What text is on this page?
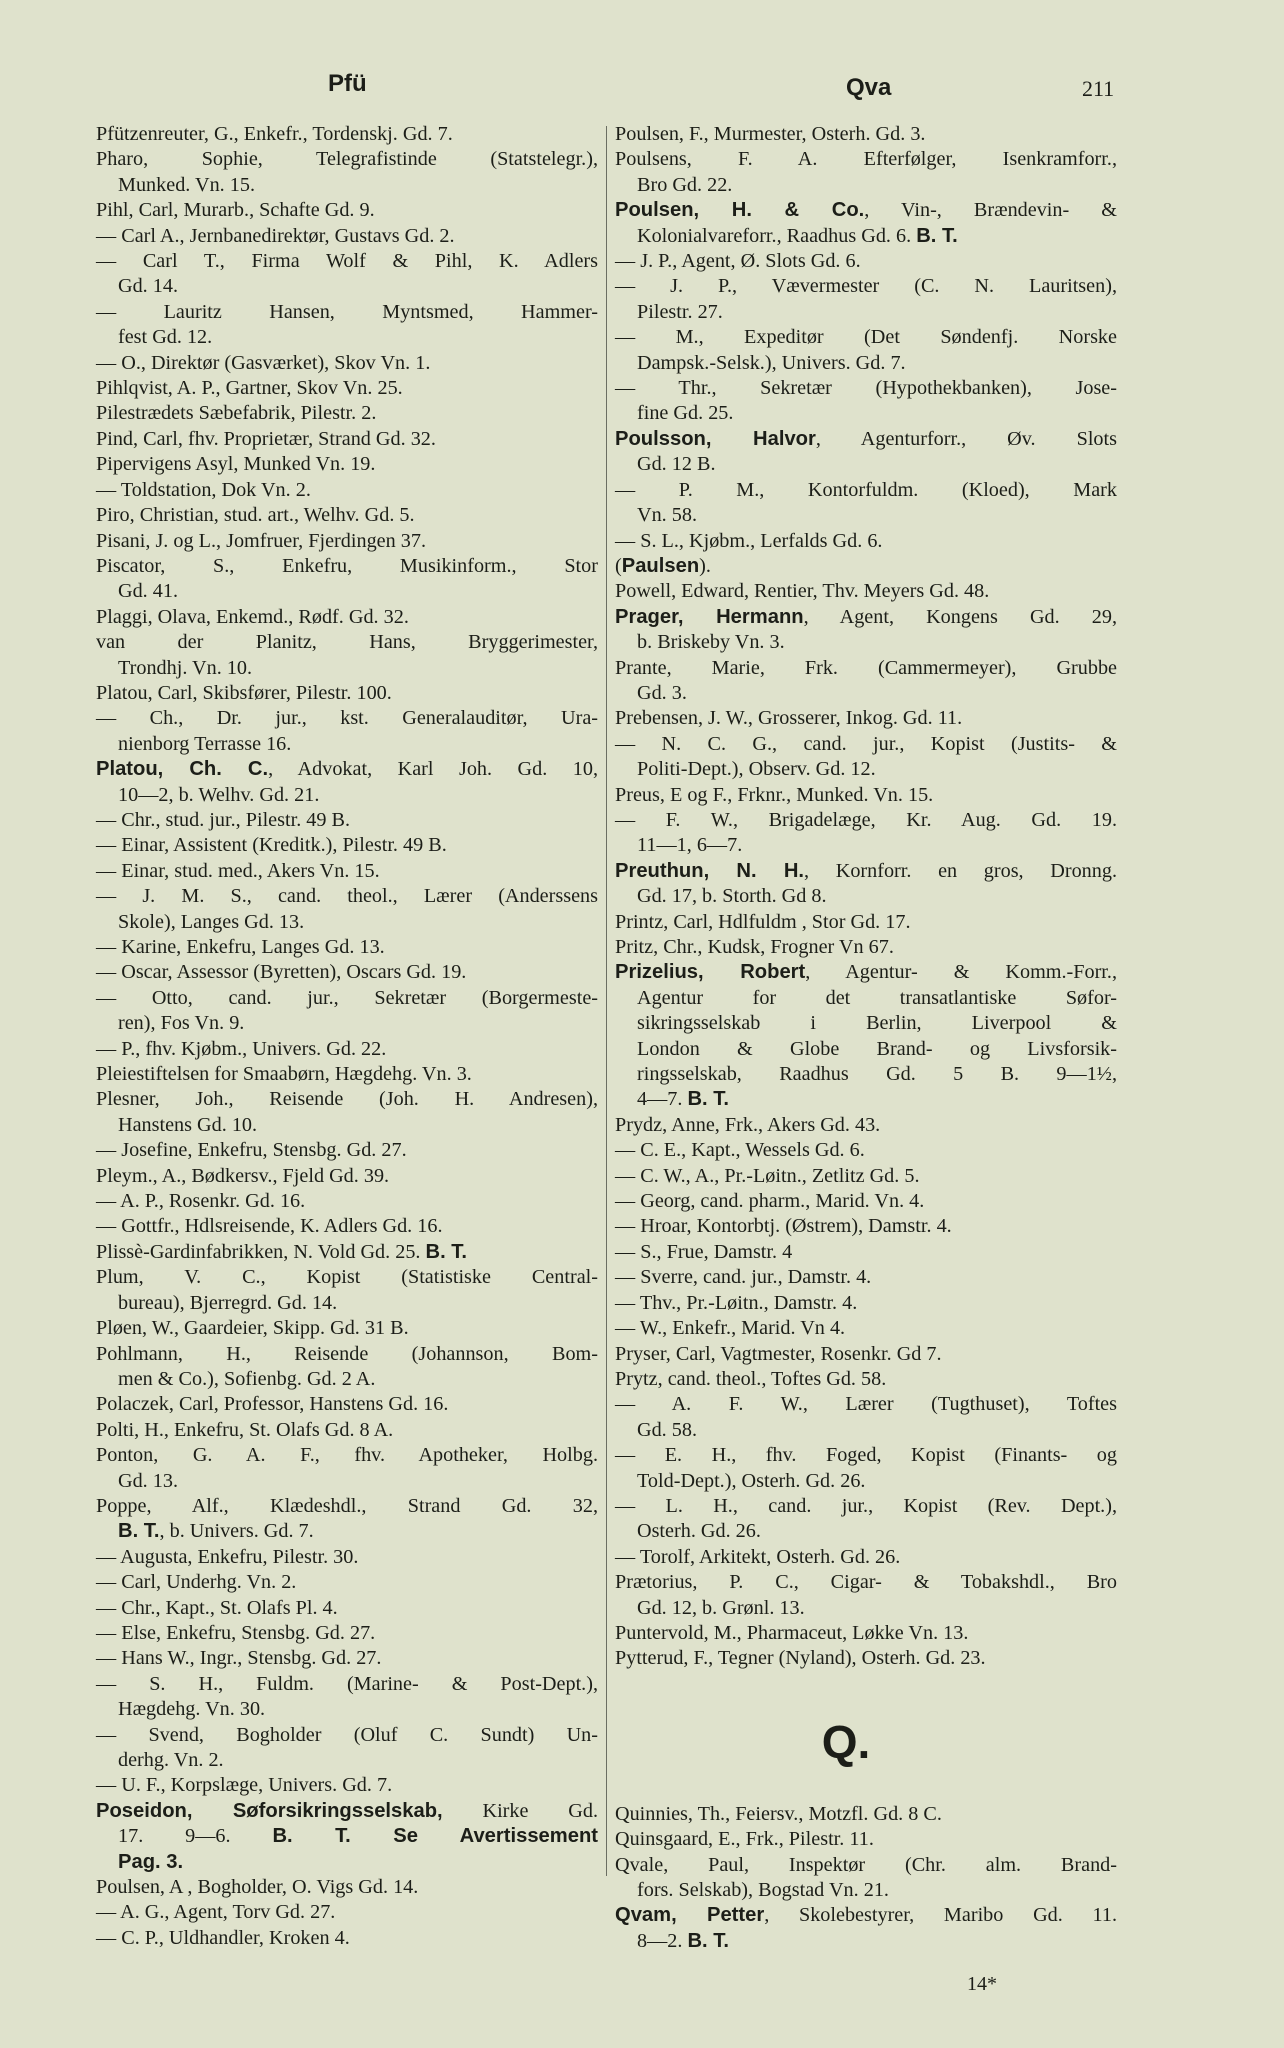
Pfü	Qva	211
Pfützenreuter, G., Enkefr., Tordenskj. Gd. 7.
Pharo, Sophie, Telegrafistinde (Statstelegr.),
Munked. Vn. 15.
Pihl, Carl, Murarb., Schafte Gd. 9.
— Carl A., Jernbanedirektør, Gustavs Gd. 2.
— Carl T., Firma Wolf & Pihl, K. Adlers
Gd. 14.
— Lauritz Hansen, Myntsmed, Hammer-
fest Gd. 12.
— O., Direktør (Gasværket), Skov Vn. 1.
Pihlqvist, A. P., Gartner, Skov Vn. 25.
Pilestrædets Sæbefabrik, Pilestr. 2.
Pind, Carl, fhv. Proprietær, Strand Gd. 32.
Pipervigens Asyl, Munked Vn. 19.
— Toldstation, Dok Vn. 2.
Piro, Christian, stud. art., Welhv. Gd. 5.
Pisani, J. og L., Jomfruer, Fjerdingen 37.
Piscator, S., Enkefru, Musikinform., Stor
Gd. 41.
Plaggi, Olava, Enkemd., Rødf. Gd. 32.
van der Planitz, Hans, Bryggerimester,
Trondhj. Vn. 10.
Platou, Carl, Skibsfører, Pilestr. 100.
— Ch., Dr. jur., kst. Generalauditør, Ura-
nienborg Terrasse 16.
Platou, Ch. C., Advokat, Karl Joh. Gd. 10,
10—2, b. Welhv. Gd. 21.
— Chr., stud. jur., Pilestr. 49 B.
— Einar, Assistent (Kreditk.), Pilestr. 49 B.
— Einar, stud. med., Akers Vn. 15.
— J. M. S., cand. theol., Lærer (Anderssens
Skole), Langes Gd. 13.
— Karine, Enkefru, Langes Gd. 13.
— Oscar, Assessor (Byretten), Oscars Gd. 19.
— Otto, cand. jur., Sekretær (Borgermeste-
ren), Fos Vn. 9.
— P., fhv. Kjøbm., Univers. Gd. 22.
Pleiestiftelsen for Smaabørn, Hægdehg. Vn. 3.
Plesner, Joh., Reisende (Joh. H. Andresen),
Hanstens Gd. 10.
— Josefine, Enkefru, Stensbg. Gd. 27.
Pleym., A., Bødkersv., Fjeld Gd. 39.
— A. P., Rosenkr. Gd. 16.
— Gottfr., Hdlsreisende, K. Adlers Gd. 16.
Plissè-Gardinfabrikken, N. Vold Gd. 25. B. T.
Plum, V. C., Kopist (Statistiske Central-
bureau), Bjerregrd. Gd. 14.
Pløen, W., Gaardeier, Skipp. Gd. 31 B.
Pohlmann, H., Reisende (Johannson, Bom-
men & Co.), Sofienbg. Gd. 2 A.
Polaczek, Carl, Professor, Hanstens Gd. 16.
Polti, H., Enkefru, St. Olafs Gd. 8 A.
Ponton, G. A. F., fhv. Apotheker, Holbg.
Gd. 13.
Poppe, Alf., Klædeshdl., Strand Gd. 32,
B. T., b. Univers. Gd. 7.
— Augusta, Enkefru, Pilestr. 30.
— Carl, Underhg. Vn. 2.
— Chr., Kapt., St. Olafs Pl. 4.
— Else, Enkefru, Stensbg. Gd. 27.
— Hans W., Ingr., Stensbg. Gd. 27.
— S. H., Fuldm. (Marine- & Post-Dept.),
Hægdehg. Vn. 30.
— Svend, Bogholder (Oluf C. Sundt) Un-
derhg. Vn. 2.
— U. F., Korpslæge, Univers. Gd. 7.
Poseidon, Søforsikringsselskab, Kirke Gd.
17. 9—6. B. T. Se Avertissement
Pag. 3.
Poulsen, A , Bogholder, O. Vigs Gd. 14.
— A. G., Agent, Torv Gd. 27.
— C. P., Uldhandler, Kroken 4.
Poulsen, F., Murmester, Osterh. Gd. 3.
Poulsens, F. A. Efterfølger, Isenkramforr.,
Bro Gd. 22.
Poulsen, H. & Co., Vin-, Brændevin- &
Kolonialvareforr., Raadhus Gd. 6. B. T.
— J. P., Agent, Ø. Slots Gd. 6.
— J. P., Vævermester (C. N. Lauritsen),
Pilestr. 27.
— M., Expeditør (Det Søndenfj. Norske
Dampsk.-Selsk.), Univers. Gd. 7.
— Thr., Sekretær (Hypothekbanken), Jose-
fine Gd. 25.
Poulsson, Halvor, Agenturforr., Øv. Slots
Gd. 12 B.
— P. M., Kontorfuldm. (Kloed), Mark
Vn. 58.
— S. L., Kjøbm., Lerfalds Gd. 6.
(Paulsen).
Powell, Edward, Rentier, Thv. Meyers Gd. 48.
Prager, Hermann, Agent, Kongens Gd. 29,
b. Briskeby Vn. 3.
Prante, Marie, Frk. (Cammermeyer), Grubbe
Gd. 3.
Prebensen, J. W., Grosserer, Inkog. Gd. 11.
— N. C. G., cand. jur., Kopist (Justits- &
Politi-Dept.), Observ. Gd. 12.
Preus, E og F., Frknr., Munked. Vn. 15.
— F. W., Brigadelæge, Kr. Aug. Gd. 19.
11—1, 6—7.
Preuthun, N. H., Kornforr. en gros, Dronng.
Gd. 17, b. Storth. Gd 8.
Printz, Carl, Hdlfuldm , Stor Gd. 17.
Pritz, Chr., Kudsk, Frogner Vn 67.
Prizelius, Robert, Agentur- & Komm.-Forr.,
Agentur for det transatlantiske Søfor-
sikringsselskab i Berlin, Liverpool &
London & Globe Brand- og Livsforsik-
ringsselskab, Raadhus Gd. 5 B. 9—1½,
4—7. B. T.
Prydz, Anne, Frk., Akers Gd. 43.
— C. E., Kapt., Wessels Gd. 6.
— C. W., A., Pr.-Løitn., Zetlitz Gd. 5.
— Georg, cand. pharm., Marid. Vn. 4.
— Hroar, Kontorbtj. (Østrem), Damstr. 4.
— S., Frue, Damstr. 4
— Sverre, cand. jur., Damstr. 4.
— Thv., Pr.-Løitn., Damstr. 4.
— W., Enkefr., Marid. Vn 4.
Pryser, Carl, Vagtmester, Rosenkr. Gd 7.
Prytz, cand. theol., Toftes Gd. 58.
— A. F. W., Lærer (Tugthuset), Toftes
Gd. 58.
— E. H., fhv. Foged, Kopist (Finants- og
Told-Dept.), Osterh. Gd. 26.
— L. H., cand. jur., Kopist (Rev. Dept.),
Osterh. Gd. 26.
— Torolf, Arkitekt, Osterh. Gd. 26.
Prætorius, P. C., Cigar- & Tobakshdl., Bro
Gd. 12, b. Grønl. 13.
Puntervold, M., Pharmaceut, Løkke Vn. 13.
Pytterud, F., Tegner (Nyland), Osterh. Gd. 23.
Q.
Quinnies, Th., Feiersv., Motzfl. Gd. 8 C.
Quinsgaard, E., Frk., Pilestr. 11.
Qvale, Paul, Inspektør (Chr. alm. Brand-
fors. Selskab), Bogstad Vn. 21.
Qvam, Petter, Skolebestyrer, Maribo Gd. 11.
8—2. B. T.
14*
